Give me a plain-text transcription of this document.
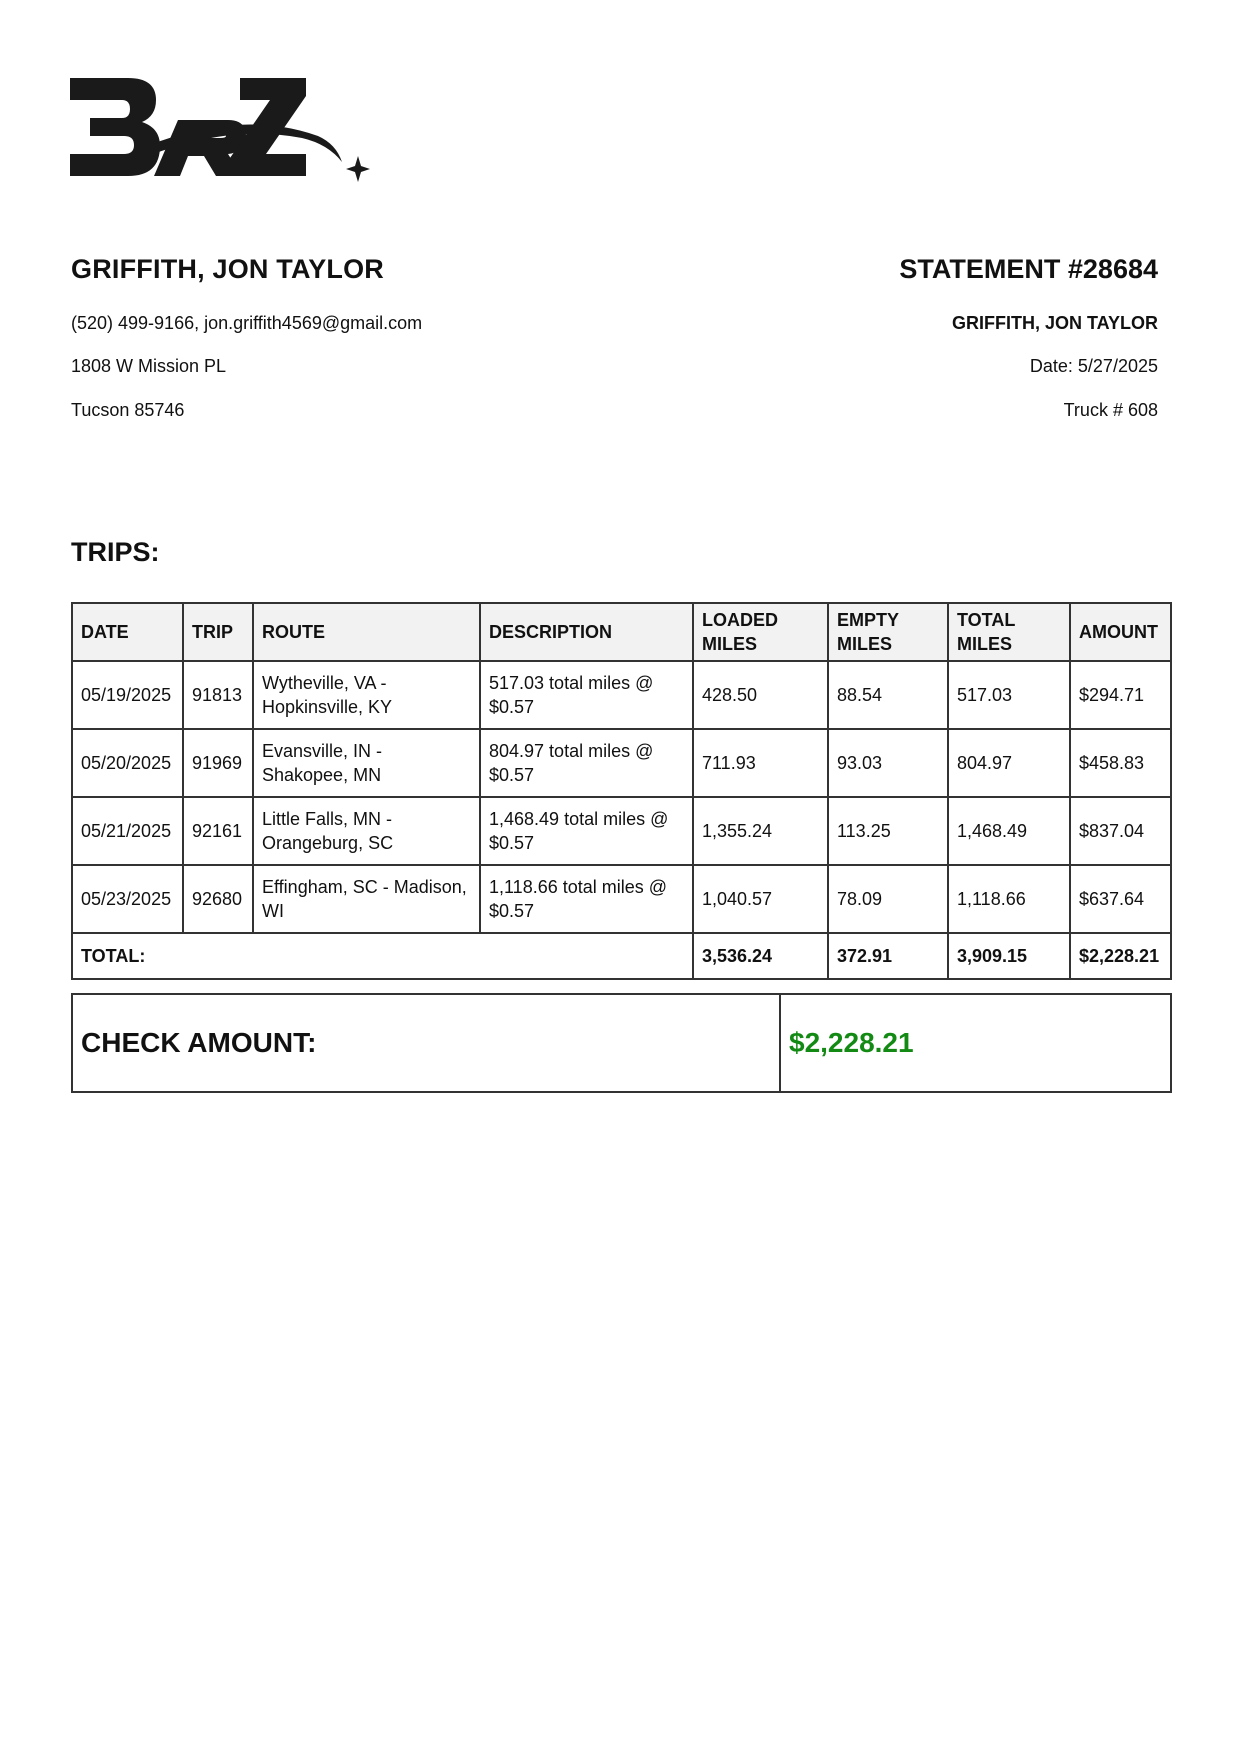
GRIFFITH, JON TAYLOR
(520) 499-9166, jon.griffith4569@gmail.com
1808 W Mission PL
Tucson 85746
STATEMENT #28684
GRIFFITH, JON TAYLOR
Date: 5/27/2025
Truck # 608
TRIPS:
DATE	TRIP	ROUTE	DESCRIPTION	LOADED MILES	EMPTY MILES	TOTAL MILES	AMOUNT
05/19/2025	91813	Wytheville, VA - Hopkinsville, KY	517.03 total miles @ $0.57	428.50	88.54	517.03	$294.71
05/20/2025	91969	Evansville, IN - Shakopee, MN	804.97 total miles @ $0.57	711.93	93.03	804.97	$458.83
05/21/2025	92161	Little Falls, MN - Orangeburg, SC	1,468.49 total miles @ $0.57	1,355.24	113.25	1,468.49	$837.04
05/23/2025	92680	Effingham, SC - Madison, WI	1,118.66 total miles @ $0.57	1,040.57	78.09	1,118.66	$637.64
TOTAL:				3,536.24	372.91	3,909.15	$2,228.21
CHECK AMOUNT:	$2,228.21
